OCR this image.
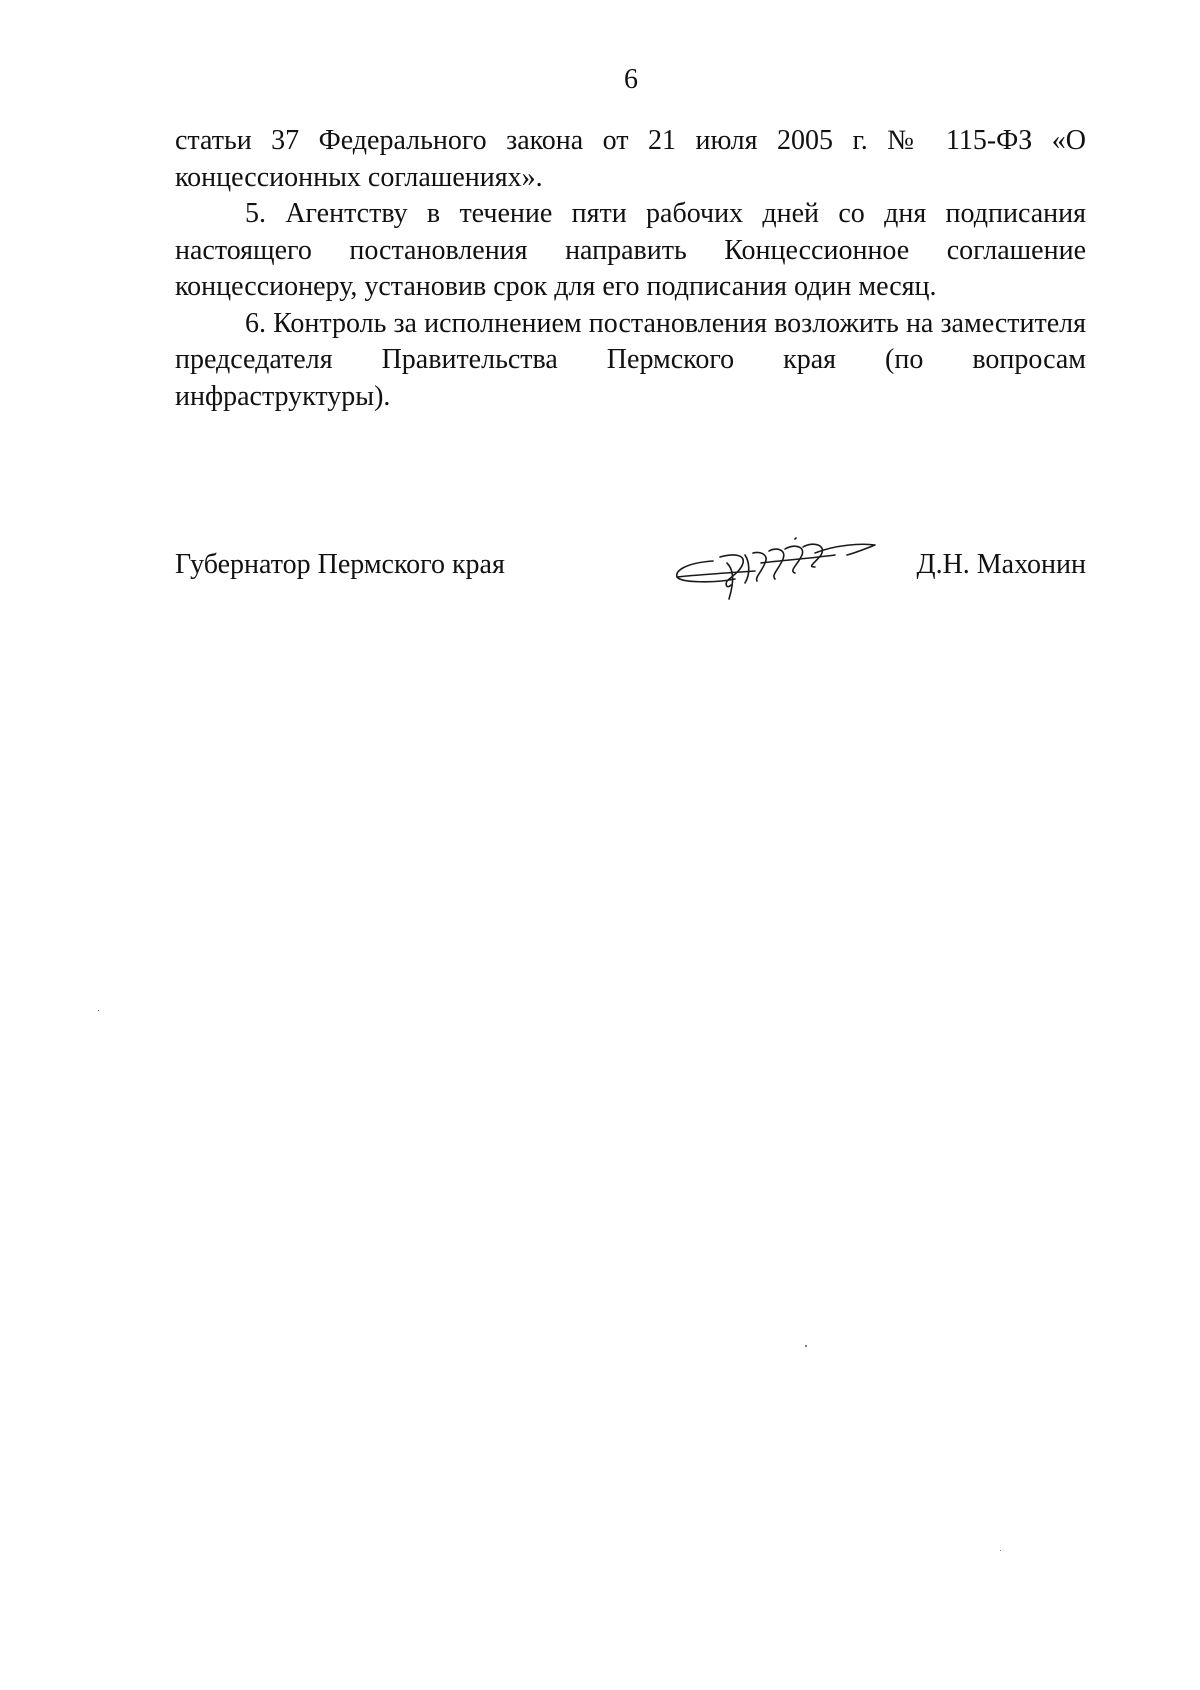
6

статьи 37 Федерального закона от 21 июля 2005 г. № 115-ФЗ «О концессионных соглашениях».

5. Агентству в течение пяти рабочих дней со дня подписания настоящего постановления направить Концессионное соглашение концессионеру, установив срок для его подписания один месяц.

6. Контроль за исполнением постановления возложить на заместителя председателя Правительства Пермского края (по вопросам инфраструктуры).

Губернатор Пермского края	Д.Н. Махонин
